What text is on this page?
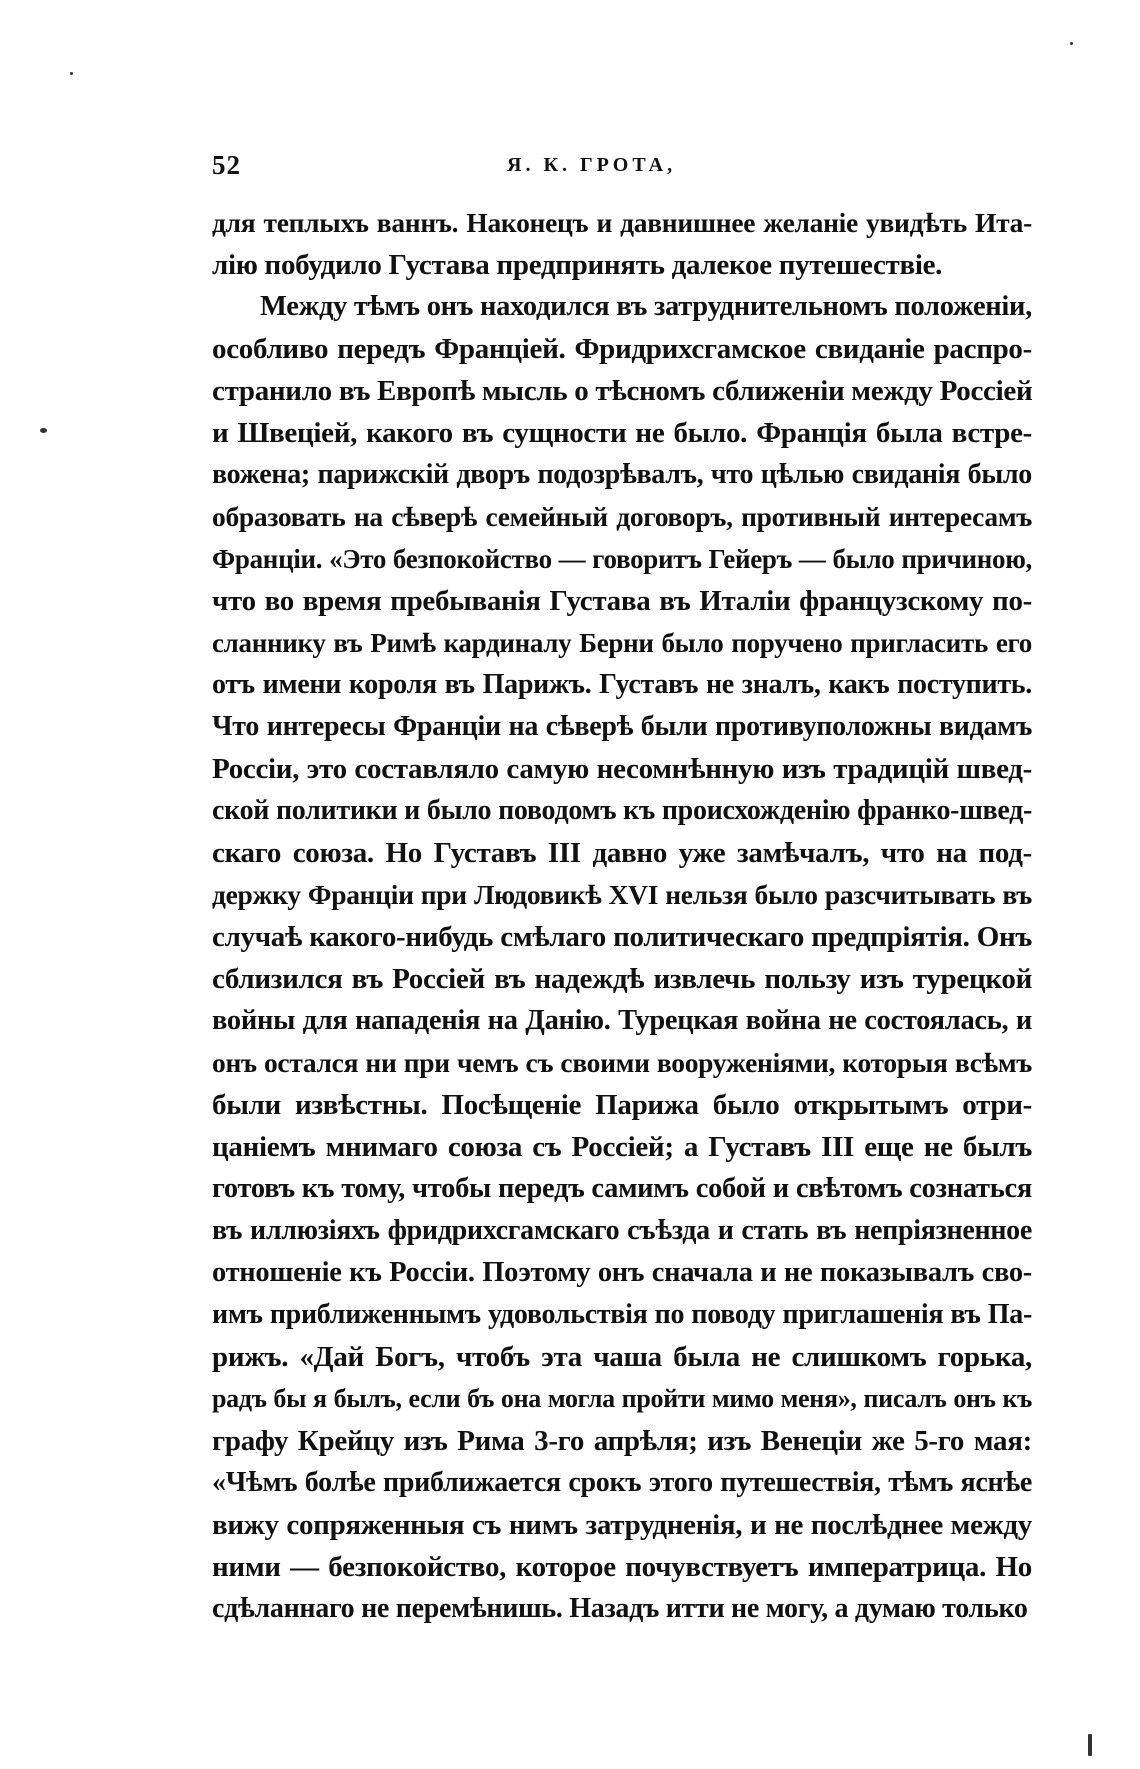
52	Я. К. ГРОТА,
для теплыхъ ваннъ. Наконецъ и давнишнее желаніе увидѣть Ита-
лію побудило Густава предпринять далекое путешествіе.
Между тѣмъ онъ находился въ затруднительномъ положеніи,
особливо передъ Франціей. Фридрихсгамское свиданіе распро-
странило въ Европѣ мысль о тѣсномъ сближеніи между Россіей
и Швеціей, какого въ сущности не было. Франція была встре-
вожена; парижскій дворъ подозрѣвалъ, что цѣлью свиданія было
образовать на сѣверѣ семейный договоръ, противный интересамъ
Франціи. «Это безпокойство — говоритъ Гейеръ — было причиною,
что во время пребыванія Густава въ Италіи французскому по-
сланнику въ Римѣ кардиналу Берни было поручено пригласить его
отъ имени короля въ Парижъ. Густавъ не зналъ, какъ поступить.
Что интересы Франціи на сѣверѣ были противуположны видамъ
Россіи, это составляло самую несомнѣнную изъ традицій швед-
ской политики и было поводомъ къ происхожденію франко-швед-
скаго союза. Но Густавъ III давно уже замѣчалъ, что на под-
держку Франціи при Людовикѣ XVI нельзя было разсчитывать въ
случаѣ какого-нибудь смѣлаго политическаго предпріятія. Онъ
сблизился въ Россіей въ надеждѣ извлечь пользу изъ турецкой
войны для нападенія на Данію. Турецкая война не состоялась, и
онъ остался ни при чемъ съ своими вооруженіями, которыя всѣмъ
были извѣстны. Посѣщеніе Парижа было открытымъ отри-
цаніемъ мнимаго союза съ Россіей; а Густавъ III еще не былъ
готовъ къ тому, чтобы передъ самимъ собой и свѣтомъ сознаться
въ иллюзіяхъ фридрихсгамскаго съѣзда и стать въ непріязненное
отношеніе къ Россіи. Поэтому онъ сначала и не показывалъ сво-
имъ приближеннымъ удовольствія по поводу приглашенія въ Па-
рижъ. «Дай Богъ, чтобъ эта чаша была не слишкомъ горька,
радъ бы я былъ, если бъ она могла пройти мимо меня», писалъ онъ къ
графу Крейцу изъ Рима 3-го апрѣля; изъ Венеціи же 5-го мая:
«Чѣмъ болѣе приближается срокъ этого путешествія, тѣмъ яснѣе
вижу сопряженныя съ нимъ затрудненія, и не послѣднее между
ними — безпокойство, которое почувствуетъ императрица. Но
сдѣланнаго не перемѣнишь. Назадъ итти не могу, а думаю только
